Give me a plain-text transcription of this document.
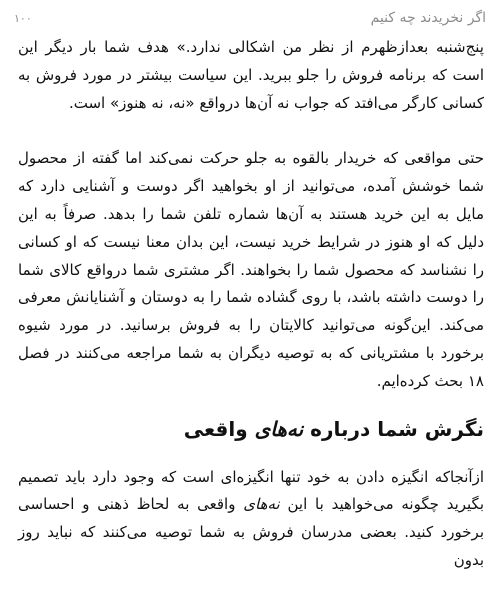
۱۰۰	اگر نخریدند چه کنیم

پنج‌شنبه بعدازظهرم از نظر من اشکالی ندارد.» هدف شما بار دیگر این است که برنامه فروش را جلو ببرید. این سیاست بیشتر در مورد فروش به کسانی کارگر می‌افتد که جواب نه آن‌ها درواقع «نه، نه هنوز» است.

حتی مواقعی که خریدار بالقوه به جلو حرکت نمی‌کند اما گفته از محصول شما خوشش آمده، می‌توانید از او بخواهید اگر دوست و آشنایی دارد که مایل به این خرید هستند به آن‌ها شماره تلفن شما را بدهد. صرفاً به این دلیل که او هنوز در شرایط خرید نیست، این بدان معنا نیست که او کسانی را نشناسد که محصول شما را بخواهند. اگر مشتری شما درواقع کالای شما را دوست داشته باشد، با روی گشاده شما را به دوستان و آشنایانش معرفی می‌کند. این‌گونه می‌توانید کالایتان را به فروش برسانید. در مورد شیوه برخورد با مشتریانی که به توصیه دیگران به شما مراجعه می‌کنند در فصل ۱۸ بحث کرده‌ایم.

نگرش شما درباره نه‌های واقعی

ازآنجاکه انگیزه دادن به خود تنها انگیزه‌ای است که وجود دارد باید تصمیم بگیرید چگونه می‌خواهید با این نه‌های واقعی به لحاظ ذهنی و احساسی برخورد کنید. بعضی مدرسان فروش به شما توصیه می‌کنند که نباید روز بدون
